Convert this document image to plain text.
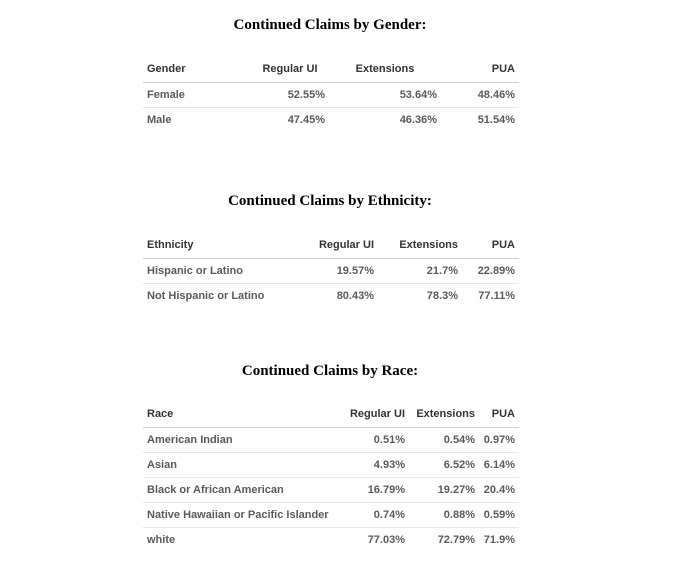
Continued Claims by Gender:
Gender	Regular UI	Extensions	PUA
Female	52.55%	53.64%	48.46%
Male	47.45%	46.36%	51.54%
Continued Claims by Ethnicity:
Ethnicity	Regular UI	Extensions	PUA
Hispanic or Latino	19.57%	21.7%	22.89%
Not Hispanic or Latino	80.43%	78.3%	77.11%
Continued Claims by Race:
Race	Regular UI	Extensions	PUA
American Indian	0.51%	0.54%	0.97%
Asian	4.93%	6.52%	6.14%
Black or African American	16.79%	19.27%	20.4%
Native Hawaiian or Pacific Islander	0.74%	0.88%	0.59%
white	77.03%	72.79%	71.9%
